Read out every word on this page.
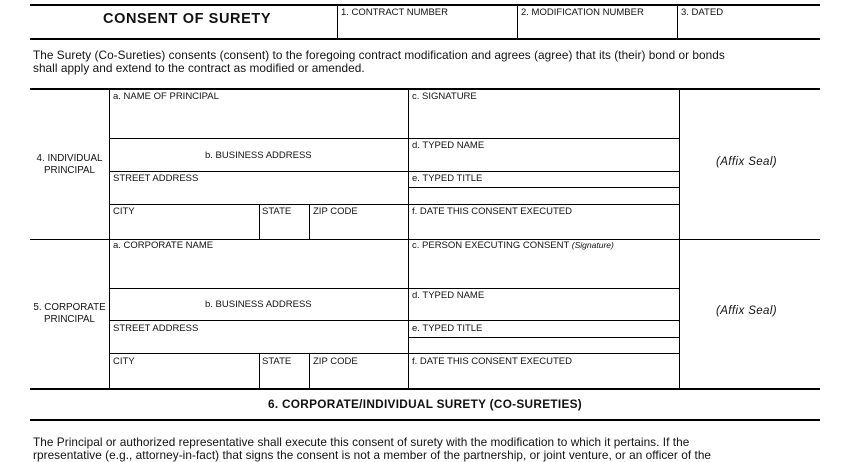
CONSENT OF SURETY	1. CONTRACT NUMBER	2. MODIFICATION NUMBER	3. DATED
The Surety (Co-Sureties) consents (consent) to the foregoing contract modification and agrees (agree) that its (their) bond or bonds
shall apply and extend to the contract as modified or amended.
4. INDIVIDUAL
PRINCIPAL
a. NAME OF PRINCIPAL
b. BUSINESS ADDRESS
STREET ADDRESS
CITY	STATE ZIP CODE
c. SIGNATURE
d. TYPED NAME
e. TYPED TITLE
f. DATE THIS CONSENT EXECUTED
(Affix Seal)
5. CORPORATE
PRINCIPAL
a. CORPORATE NAME
b. BUSINESS ADDRESS
STREET ADDRESS
CITY	STATE ZIP CODE
c. PERSON EXECUTING CONSENT (Signature)
d. TYPED NAME
e. TYPED TITLE
f. DATE THIS CONSENT EXECUTED
(Affix Seal)
6. CORPORATE/INDIVIDUAL SURETY (CO-SURETIES)
The Principal or authorized representative shall execute this consent of surety with the modification to which it pertains. If the
rpresentative (e.g., attorney-in-fact) that signs the consent is not a member of the partnership, or joint venture, or an officer of the
